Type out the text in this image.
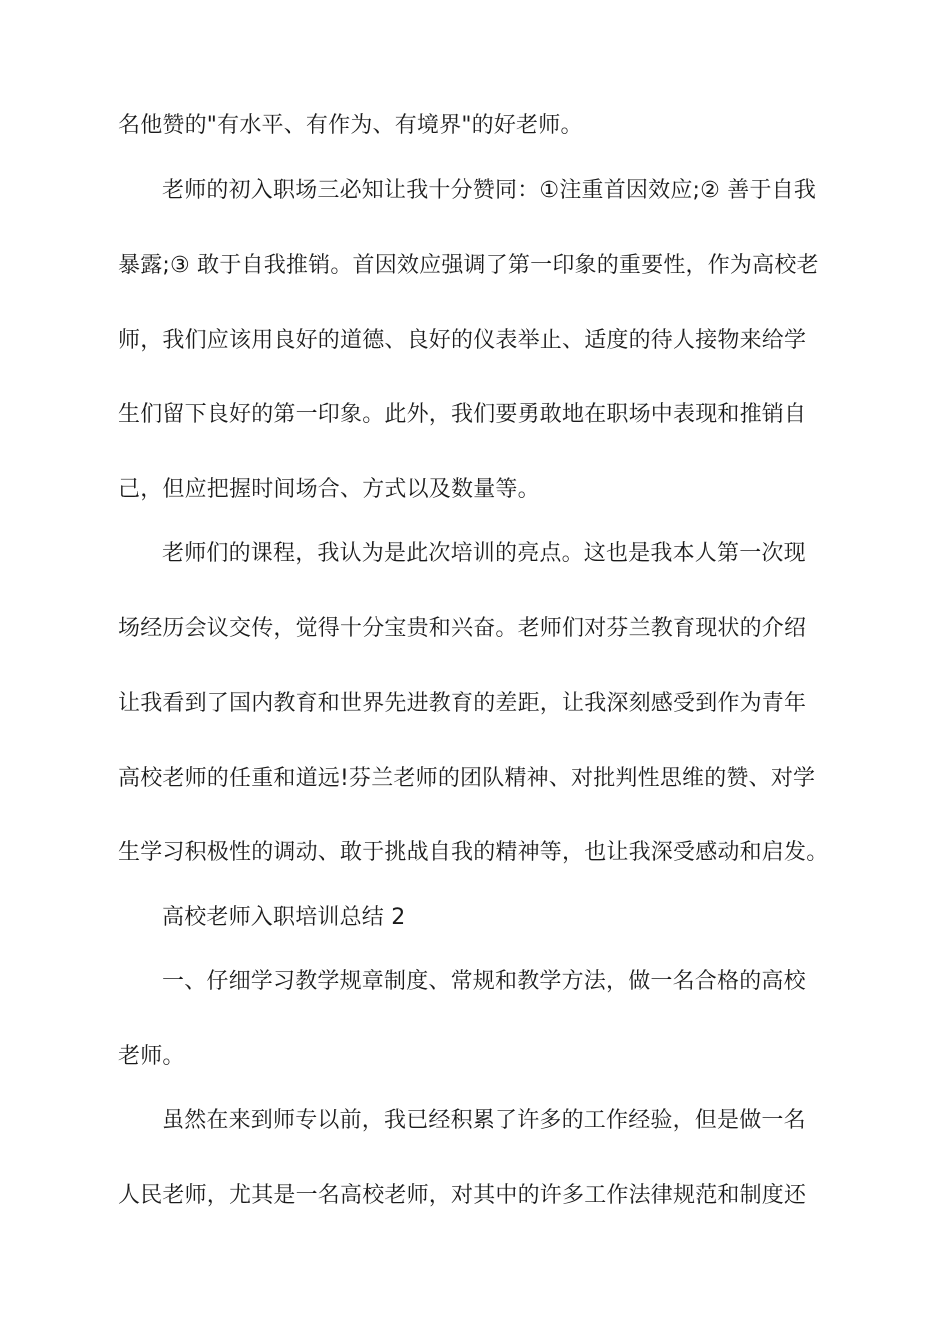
名他赞的"有水平、有作为、有境界"的好老师。
老师的初入职场三必知让我十分赞同：①注重首因效应;② 善于自我
暴露;③ 敢于自我推销。首因效应强调了第一印象的重要性，作为高校老
师，我们应该用良好的道德、良好的仪表举止、适度的待人接物来给学
生们留下良好的第一印象。此外，我们要勇敢地在职场中表现和推销自
己，但应把握时间场合、方式以及数量等。
老师们的课程，我认为是此次培训的亮点。这也是我本人第一次现
场经历会议交传，觉得十分宝贵和兴奋。老师们对芬兰教育现状的介绍
让我看到了国内教育和世界先进教育的差距，让我深刻感受到作为青年
高校老师的任重和道远!芬兰老师的团队精神、对批判性思维的赞、对学
生学习积极性的调动、敢于挑战自我的精神等，也让我深受感动和启发。
高校老师入职培训总结 2
一、仔细学习教学规章制度、常规和教学方法，做一名合格的高校
老师。
虽然在来到师专以前，我已经积累了许多的工作经验，但是做一名
人民老师，尤其是一名高校老师，对其中的许多工作法律规范和制度还
